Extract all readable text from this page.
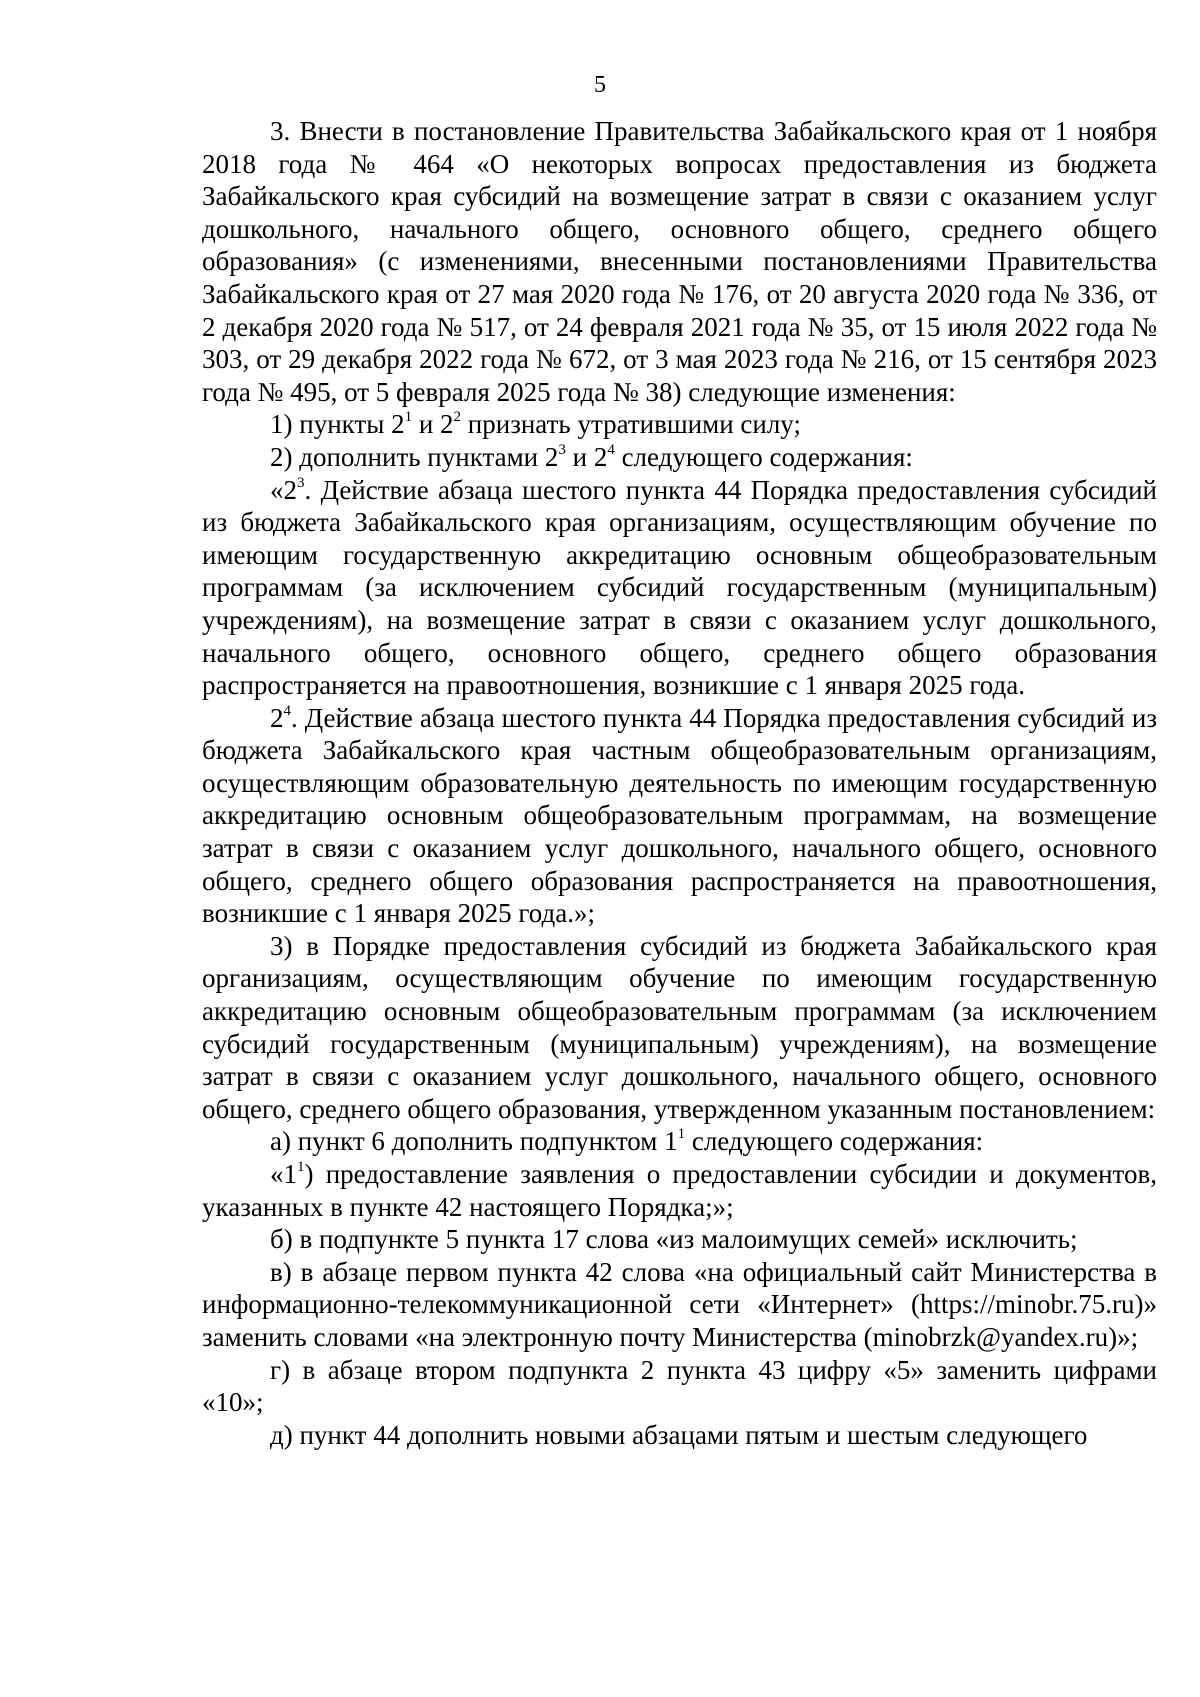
5

3. Внести в постановление Правительства Забайкальского края от 1 ноября 2018 года № 464 «О некоторых вопросах предоставления из бюджета Забайкальского края субсидий на возмещение затрат в связи с оказанием услуг дошкольного, начального общего, основного общего, среднего общего образования» (с изменениями, внесенными постановлениями Правительства Забайкальского края от 27 мая 2020 года № 176, от 20 августа 2020 года № 336, от 2 декабря 2020 года № 517, от 24 февраля 2021 года № 35, от 15 июля 2022 года № 303, от 29 декабря 2022 года № 672, от 3 мая 2023 года № 216, от 15 сентября 2023 года № 495, от 5 февраля 2025 года № 38) следующие изменения:

1) пункты $2^1$ и $2^2$ признать утратившими силу;

2) дополнить пунктами $2^3$ и $2^4$ следующего содержания:

«$2^3$. Действие абзаца шестого пункта 44 Порядка предоставления субсидий из бюджета Забайкальского края организациям, осуществляющим обучение по имеющим государственную аккредитацию основным общеобразовательным программам (за исключением субсидий государственным (муниципальным) учреждениям), на возмещение затрат в связи с оказанием услуг дошкольного, начального общего, основного общего, среднего общего образования распространяется на правоотношения, возникшие с 1 января 2025 года.

$2^4$. Действие абзаца шестого пункта 44 Порядка предоставления субсидий из бюджета Забайкальского края частным общеобразовательным организациям, осуществляющим образовательную деятельность по имеющим государственную аккредитацию основным общеобразовательным программам, на возмещение затрат в связи с оказанием услуг дошкольного, начального общего, основного общего, среднего общего образования распространяется на правоотношения, возникшие с 1 января 2025 года.»;

3) в Порядке предоставления субсидий из бюджета Забайкальского края организациям, осуществляющим обучение по имеющим государственную аккредитацию основным общеобразовательным программам (за исключением субсидий государственным (муниципальным) учреждениям), на возмещение затрат в связи с оказанием услуг дошкольного, начального общего, основного общего, среднего общего образования, утвержденном указанным постановлением:

а) пункт 6 дополнить подпунктом $1^1$ следующего содержания:

«$1^1$) предоставление заявления о предоставлении субсидии и документов, указанных в пункте 42 настоящего Порядка;»;

б) в подпункте 5 пункта 17 слова «из малоимущих семей» исключить;

в) в абзаце первом пункта 42 слова «на официальный сайт Министерства в информационно-телекоммуникационной сети «Интернет» (https://minobr.75.ru)» заменить словами «на электронную почту Министерства (minobrzk@yandex.ru)»;

г) в абзаце втором подпункта 2 пункта 43 цифру «5» заменить цифрами «10»;

д) пункт 44 дополнить новыми абзацами пятым и шестым следующего
